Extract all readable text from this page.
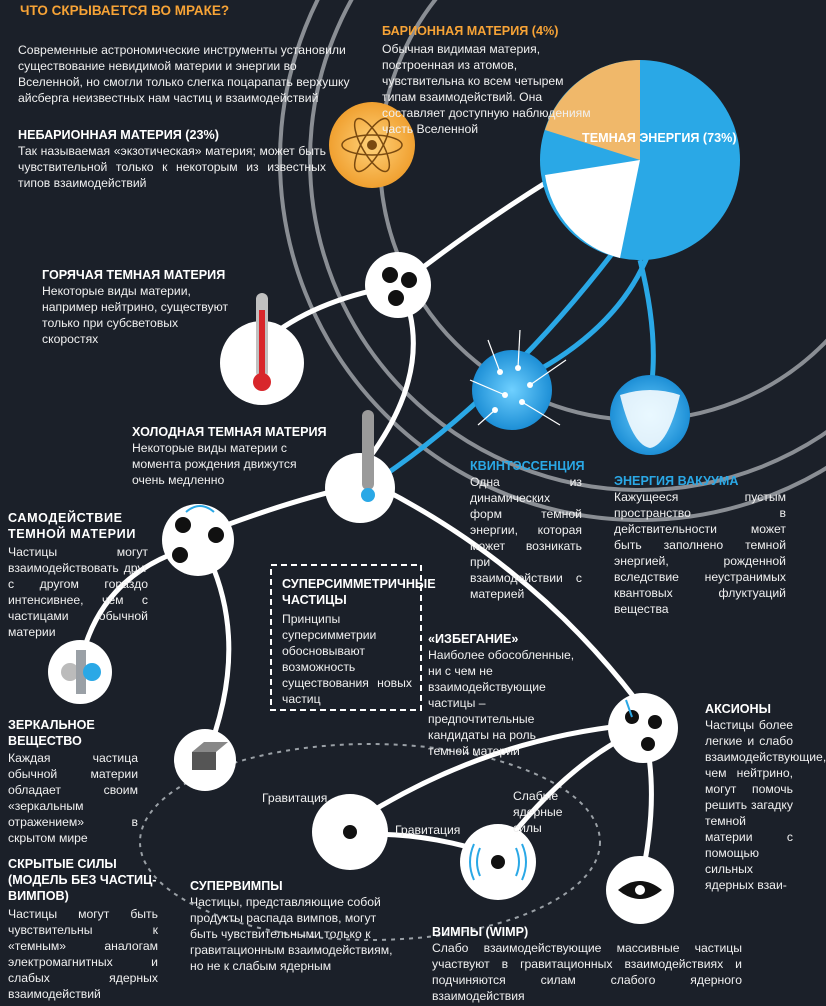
ЧТО СКРЫВАЕТСЯ ВО МРАКЕ?
Современные астрономические инструменты установили существование невидимой материи и энергии во Вселенной, но смогли только слегка поцарапать верхушку айсберга неизвестных нам частиц и взаимодействий
БАРИОННАЯ МАТЕРИЯ (4%)
Обычная видимая материя, построенная из атомов, чувствительна ко всем четырем типам взаимодействий. Она составляет доступную наблюдениям часть Вселенной
ТЕМНАЯ ЭНЕРГИЯ (73%)
НЕБАРИОННАЯ МАТЕРИЯ (23%)
Так называемая «экзотическая» материя; может быть чувствительной только к некоторым из известных типов взаимодействий
ГОРЯЧАЯ ТЕМНАЯ МАТЕРИЯ
Некоторые виды материи, например нейтрино, существуют только при субсветовых скоростях
ХОЛОДНАЯ ТЕМНАЯ МАТЕРИЯ
Некоторые виды материи с момента рождения движутся очень медленно
КВИНТЭССЕНЦИЯ
Одна из динамических форм темной энергии, которая может возникать при взаимодействии с материей
ЭНЕРГИЯ ВАКУУМА
Кажущееся пустым пространство в действительности может быть заполнено темной энергией, рожденной вследствие неустранимых квантовых флуктуаций вещества
САМОДЕЙСТВИЕ ТЕМНОЙ МАТЕРИИ
Частицы могут взаимодействовать друг с другом гораздо интенсивнее, чем с частицами обычной материи
СУПЕРСИММЕТРИЧНЫЕ ЧАСТИЦЫ
Принципы суперсимметрии обосновывают возможность существования новых частиц
«ИЗБЕГАНИЕ»
Наиболее обособленные, ни с чем не взаимодействующие частицы – предпочтительные кандидаты на роль темной материи
АКСИОНЫ
Частицы более легкие и слабо взаимодействующие, чем нейтрино, могут помочь решить загадку темной материи с помощью сильных ядерных взаи-
ЗЕРКАЛЬНОЕ ВЕЩЕСТВО
Каждая частица обычной материи обладает своим «зеркальным отражением» в скрытом мире
СКРЫТЫЕ СИЛЫ (МОДЕЛЬ БЕЗ ЧАСТИЦ-ВИМПОВ)
Частицы могут быть чувствительны к «темным» аналогам электромагнитных и слабых ядерных взаимодействий
СУПЕРВИМПЫ
Частицы, представляющие собой продукты распада вимпов, могут быть чувствительными только к гравитационным взаимодействиям, но не к слабым ядерным
ВИМПЫ (WIMP)
Слабо взаимодействующие массивные частицы участвуют в гравитационных взаимодействиях и подчиняются силам слабого ядерного взаимодействия
Гравитация
Гравитация
Слабые
ядерные
силы
